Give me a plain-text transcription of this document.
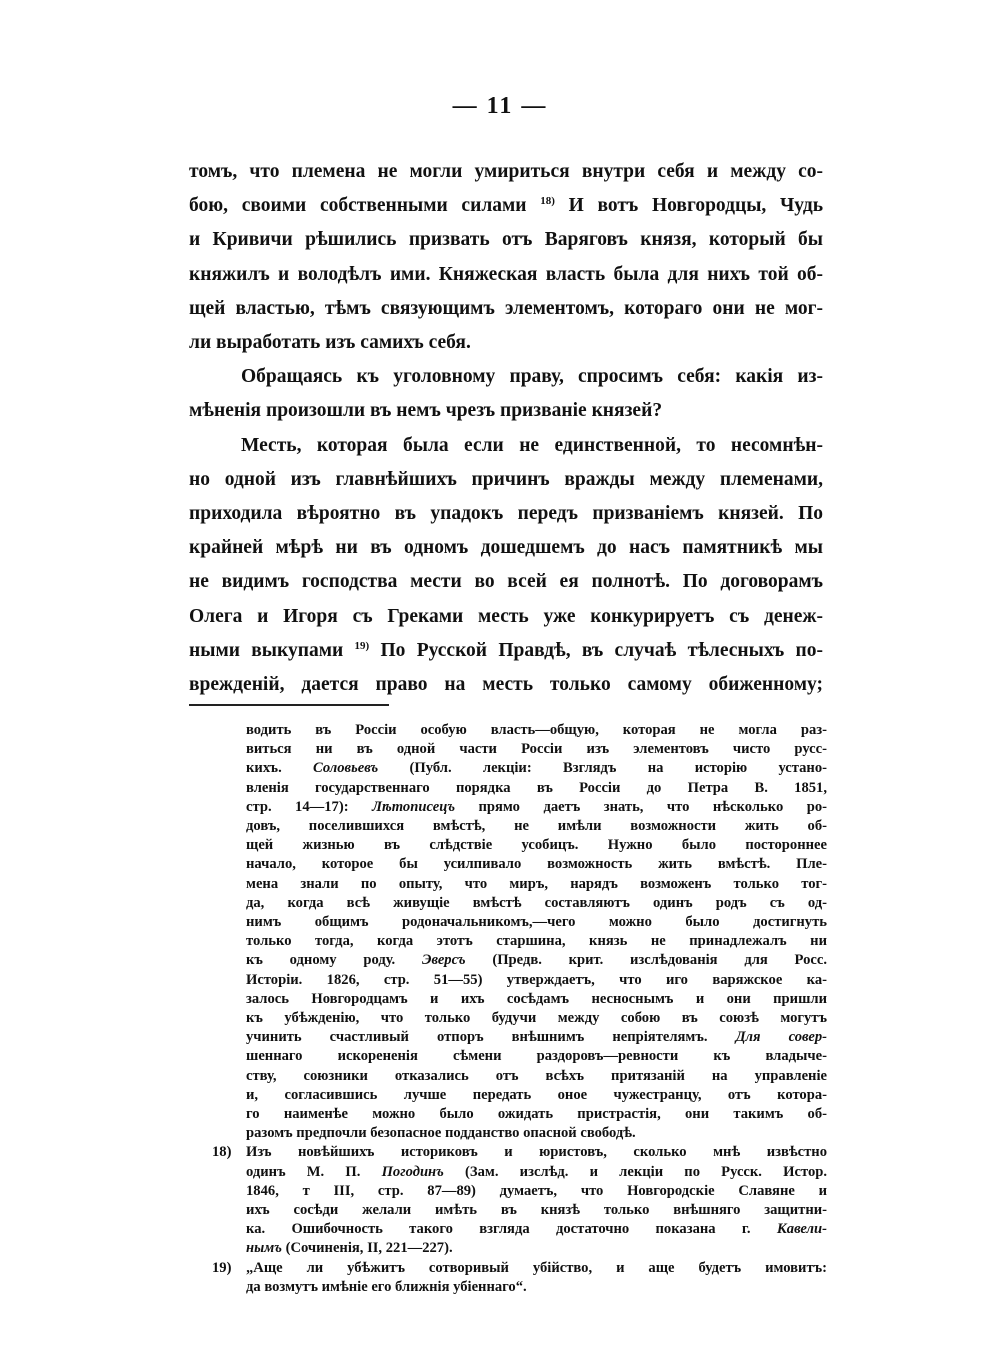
— 11 —
томъ, что племена не могли умириться внутри себя и между со-
бою, своими собственными силами $^{18)}$ И вотъ Новгородцы, Чудь
и Кривичи рѣшились призвать отъ Варяговъ князя, который бы
княжилъ и володѣлъ ими. Княжеская власть была для нихъ той об-
щей властью, тѣмъ связующимъ элементомъ, котораго они не мог-
ли выработать изъ самихъ себя.
Обращаясь къ уголовному праву, спросимъ себя: какія из-
мѣненія произошли въ немъ чрезъ призваніе князей?
Месть, которая была если не единственной, то несомнѣн-
но одной изъ главнѣйшихъ причинъ вражды между племенами,
приходила вѣроятно въ упадокъ передъ призваніемъ князей. По
крайней мѣрѣ ни въ одномъ дошедшемъ до насъ памятникѣ мы
не видимъ господства мести во всей ея полнотѣ. По договорамъ
Олега и Игоря съ Греками месть уже конкурируетъ съ денеж-
ными выкупами $^{19)}$ По Русской Правдѣ, въ случаѣ тѣлесныхъ по-
врежденій, дается право на месть только самому обиженному;
водить въ Россіи особую власть—общую, которая не могла раз-
виться ни въ одной части Россіи изъ элементовъ чисто русс-
кихъ. Соловьевъ (Публ. лекціи: Взглядъ на исторію устано-
вленія государственнаго порядка въ Россіи до Петра В. 1851,
стр. 14—17): Лѣтописецъ прямо даетъ знать, что нѣсколько ро-
довъ, поселившихся вмѣстѣ, не имѣли возможности жить об-
щей жизнью въ слѣдствіе усобицъ. Нужно было постороннее
начало, которое бы усилпивало возможность жить вмѣстѣ. Пле-
мена знали по опыту, что миръ, нарядъ возможенъ только тог-
да, когда всѣ живущіе вмѣстѣ составляютъ одинъ родъ съ од-
нимъ общимъ родоначальникомъ,—чего можно было достигнуть
только тогда, когда этотъ старшина, князь не принадлежалъ ни
къ одному роду. Эверсъ (Предв. крит. изслѣдованія для Росс.
Исторіи. 1826, стр. 51—55) утверждаетъ, что иго варяжское ка-
залось Новгородцамъ и ихъ сосѣдамъ несноснымъ и они пришли
къ убѣжденію, что только будучи между собою въ союзѣ могутъ
учинить счастливый отпоръ внѣшнимъ непріятелямъ. Для совер-
шеннаго искорененія сѣмени раздоровъ—ревности къ владыче-
ству, союзники отказались отъ всѣхъ притязаній на управленіе
и, согласившись лучше передать оное чужестранцу, отъ котора-
го наименѣе можно было ожидать пристрастія, они такимъ об-
разомъ предпочли безопасное подданство опасной свободѣ.
18) Изъ новѣйшихъ историковъ и юристовъ, сколько мнѣ извѣстно
одинъ М. П. Погодинъ (Зам. изслѣд. и лекціи по Русск. Истор.
1846, т III, стр. 87—89) думаетъ, что Новгородскіе Славяне и
ихъ сосѣди желали имѣть въ князѣ только внѣшняго защитни-
ка. Ошибочность такого взгляда достаточно показана г. Кавели-
нымъ (Сочиненія, II, 221—227).
19) „Аще ли убѣжитъ сотворивый убійство, и аще будетъ имовитъ:
да возмутъ имѣніе его ближнія убіеннаго“.
